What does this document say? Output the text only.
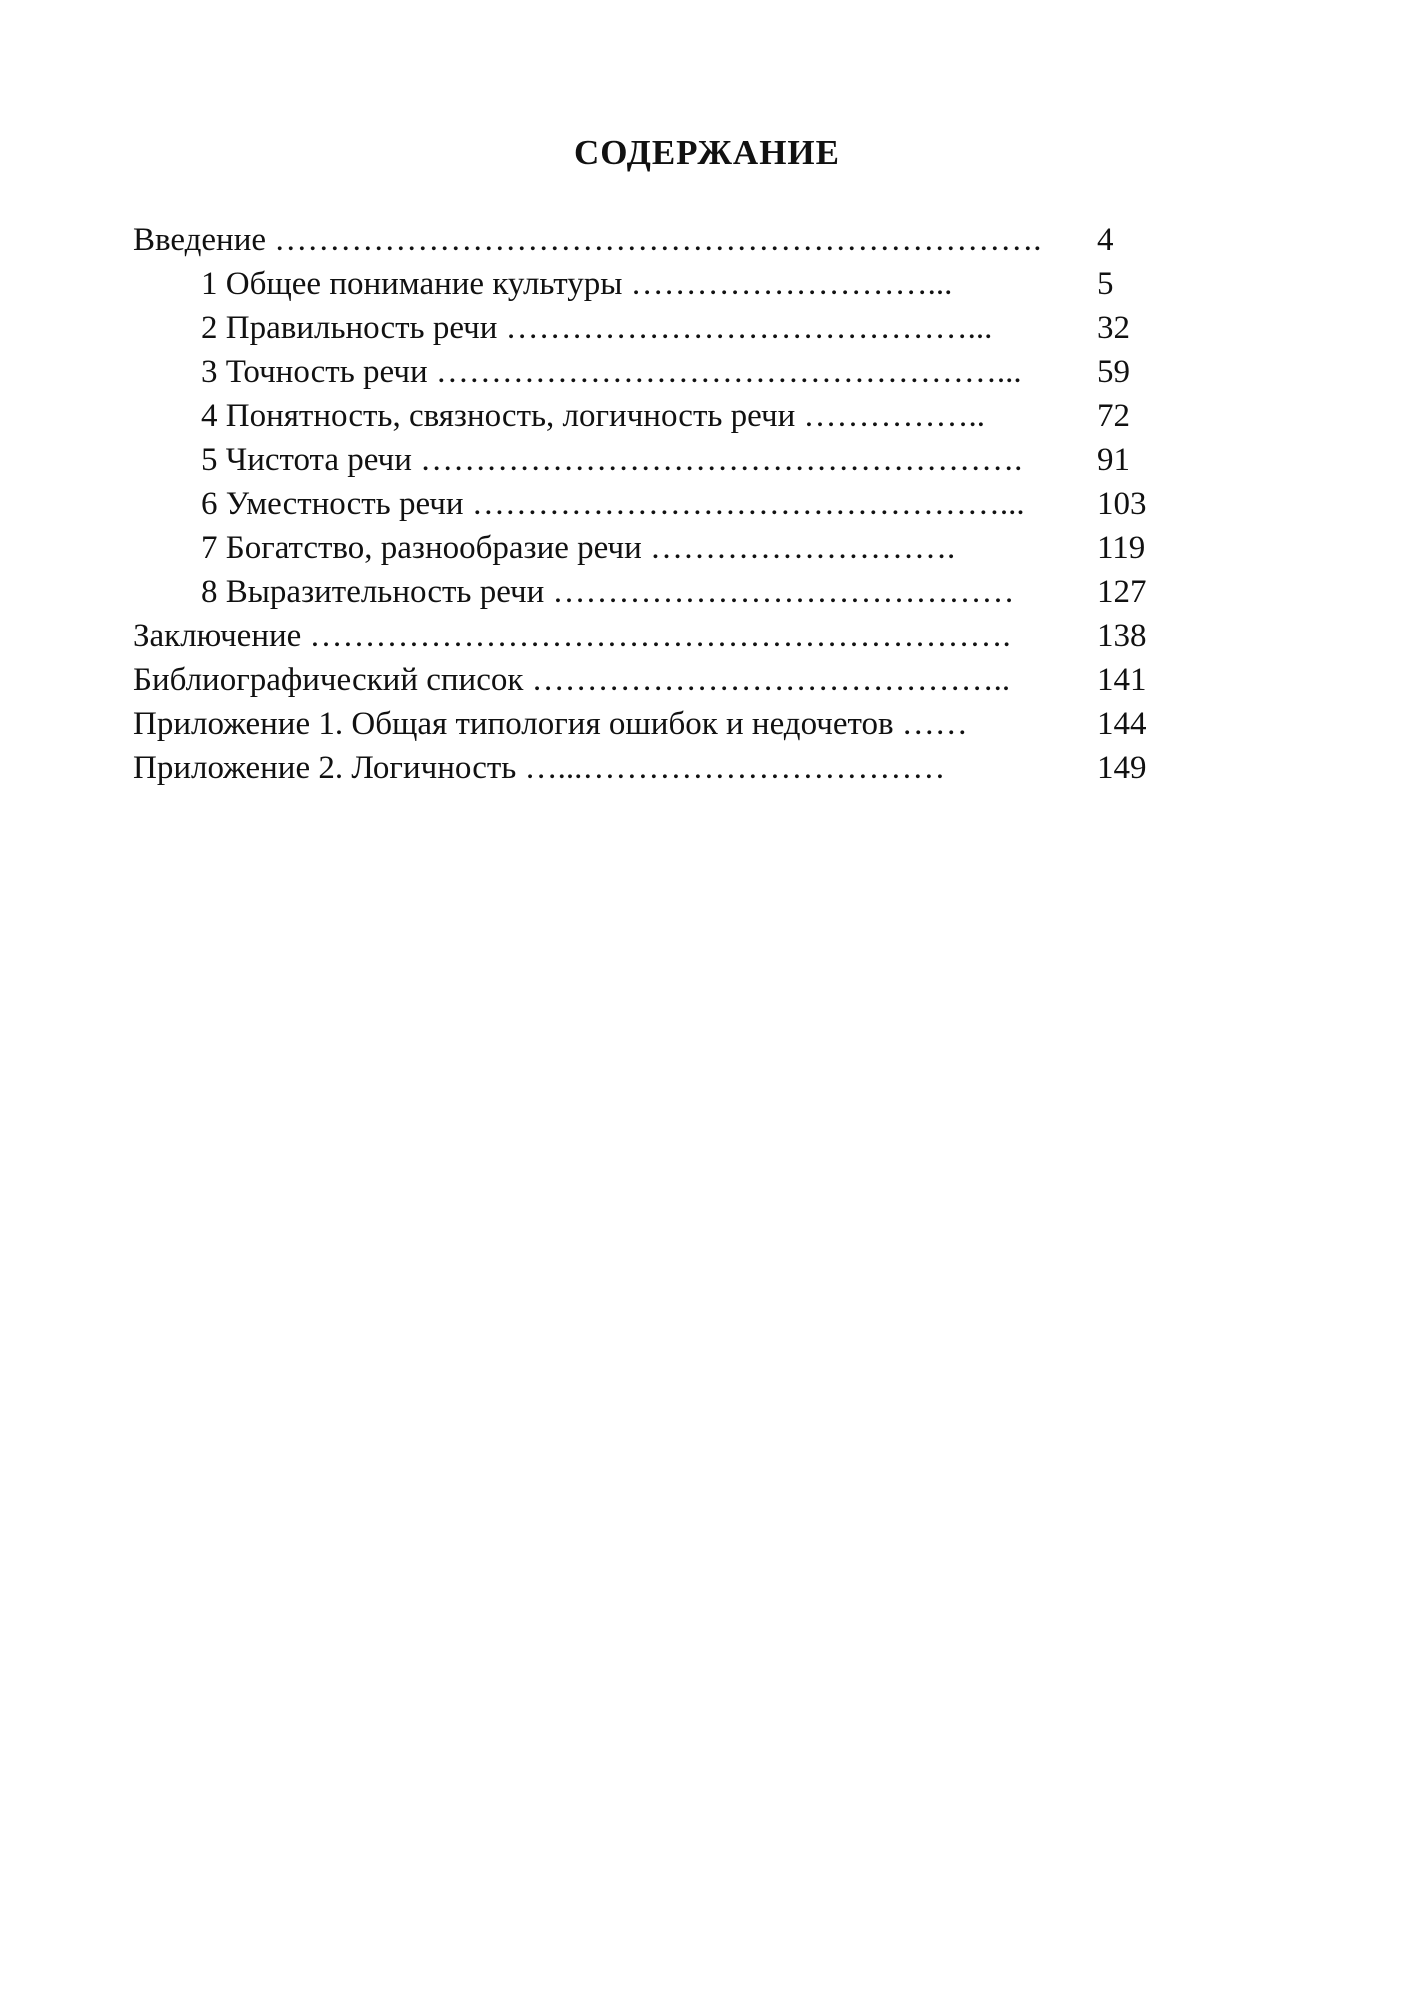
СОДЕРЖАНИЕ
Введение ……………………………………………………………. 4
1 Общее понимание культуры ………………………...	5
2 Правильность речи ……………………………………...	32
3 Точность речи ……………………………………………... 59
4 Понятность, связность, логичность речи ……………..	72
5 Чистота речи ………………………………………………. 91
6 Уместность речи …………………………………………... 103
7 Богатство, разнообразие речи ……………………….	119
8 Выразительность речи …………………………………… 127
Заключение ……………………………………………………….	138
Библиографический список ……………………………………..	141
Приложение 1. Общая типология ошибок и недочетов ……	144
Приложение 2. Логичность …...……………………………	149
